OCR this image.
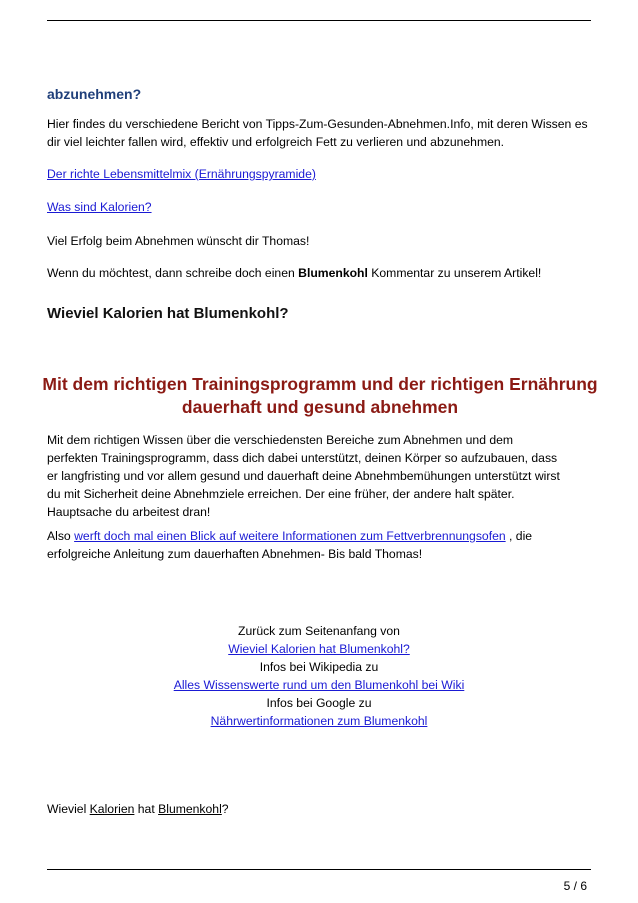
abzunehmen?

Hier findes du verschiedene Bericht von Tipps-Zum-Gesunden-Abnehmen.Info, mit deren Wissen es dir viel leichter fallen wird, effektiv und erfolgreich Fett zu verlieren und abzunehmen.

Der richte Lebensmittelmix (Ernährungspyramide)

Was sind Kalorien?

Viel Erfolg beim Abnehmen wünscht dir Thomas!

Wenn du möchtest, dann schreibe doch einen Blumenkohl Kommentar zu unserem Artikel!

Wieviel Kalorien hat Blumenkohl?

Mit dem richtigen Trainingsprogramm und der richtigen Ernährung
dauerhaft und gesund abnehmen
Mit dem richtigen Wissen über die verschiedensten Bereiche zum Abnehmen und dem
perfekten Trainingsprogramm, dass dich dabei unterstützt, deinen Körper so aufzubauen, dass
er langfristing und vor allem gesund und dauerhaft deine Abnehmbemühungen unterstützt wirst
du mit Sicherheit deine Abnehmziele erreichen. Der eine früher, der andere halt später.
Hauptsache du arbeitest dran!
Also werft doch mal einen Blick auf weitere Informationen zum Fettverbrennungsofen , die
erfolgreiche Anleitung zum dauerhaften Abnehmen- Bis bald Thomas!
Zurück zum Seitenanfang von
Wieviel Kalorien hat Blumenkohl?
Infos bei Wikipedia zu
Alles Wissenswerte rund um den Blumenkohl bei Wiki
Infos bei Google zu
Nährwertinformationen zum Blumenkohl

Wieviel Kalorien hat Blumenkohl?

5 / 6
